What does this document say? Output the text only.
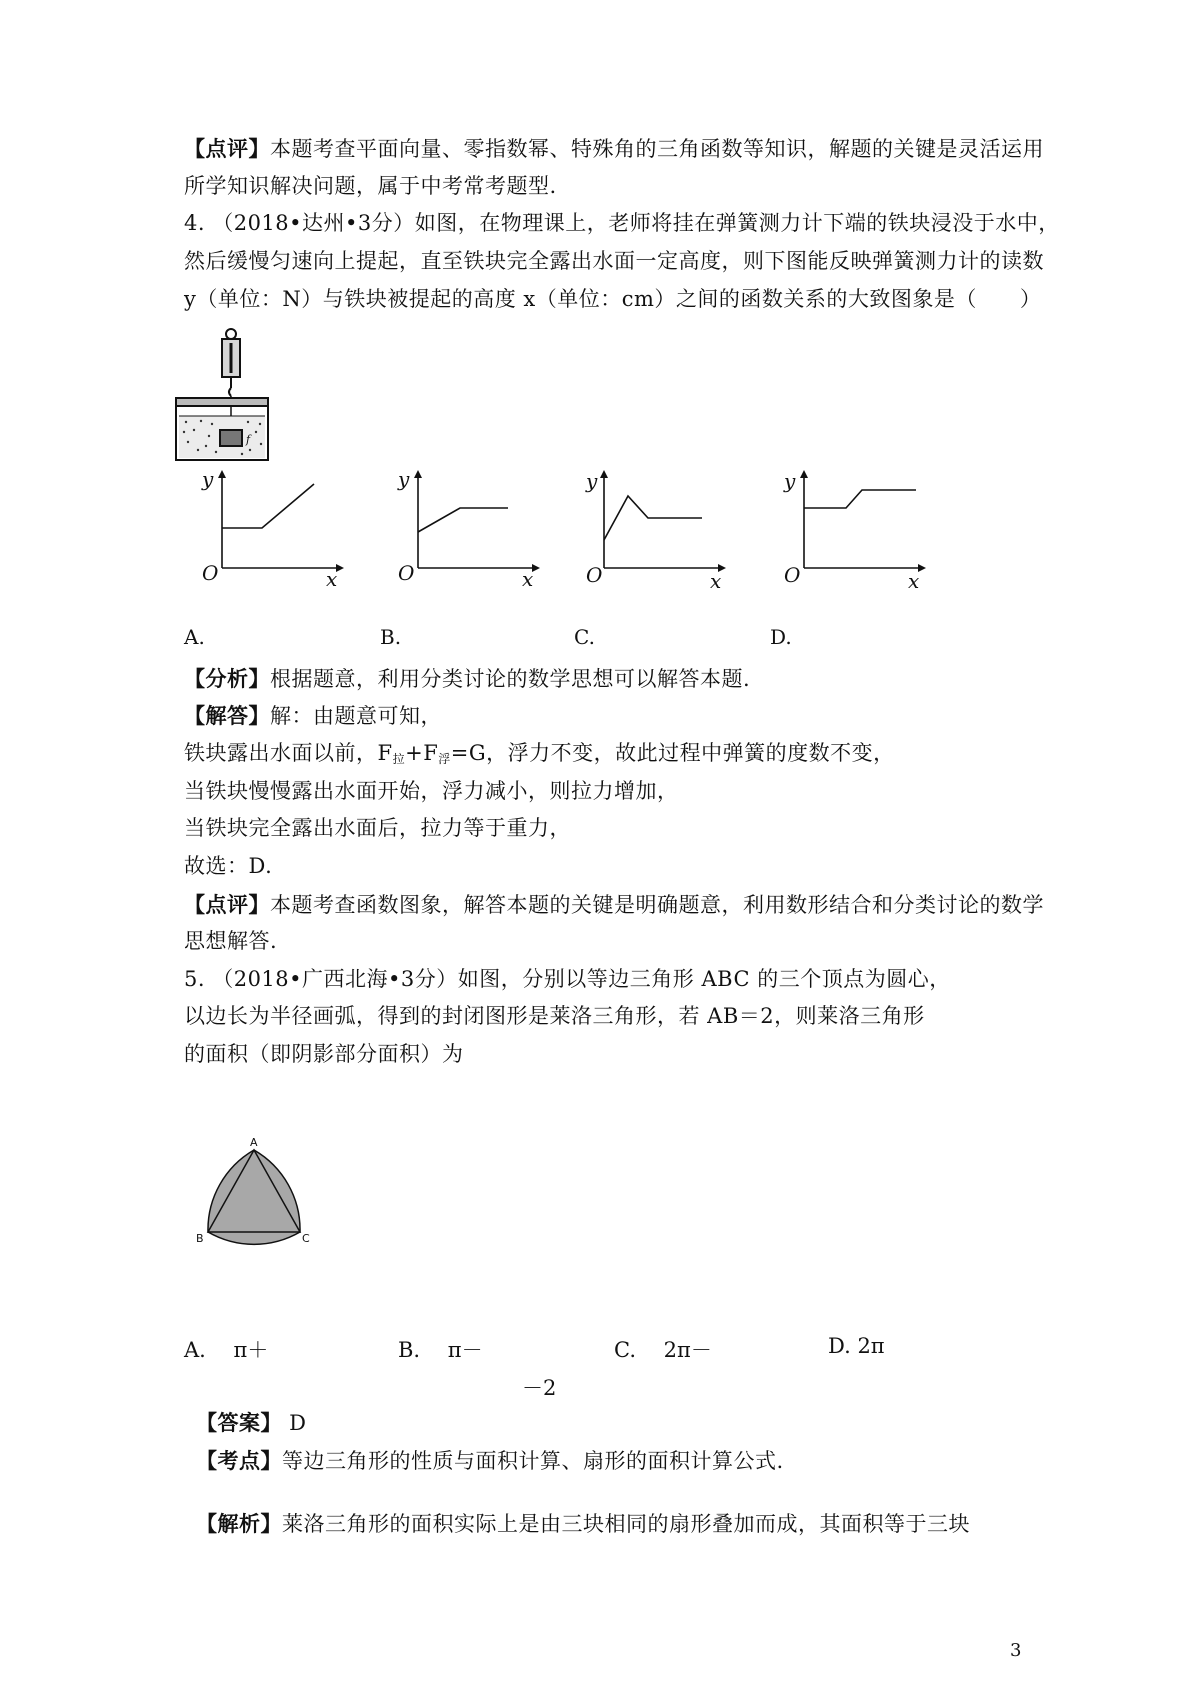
【点评】本题考查平面向量、零指数幂、特殊角的三角函数等知识，解题的关键是灵活运用
所学知识解决问题，属于中考常考题型.
4. （2018•达州•3分）如图，在物理课上，老师将挂在弹簧测力计下端的铁块浸没于水中，
然后缓慢匀速向上提起，直至铁块完全露出水面一定高度，则下图能反映弹簧测力计的读数
y（单位：N）与铁块被提起的高度 x（单位：cm）之间的函数关系的大致图象是（　　）
f
y
O	x
y
O	x
y
O	x
y
O	x
A.	B.	C.	D.
【分析】根据题意，利用分类讨论的数学思想可以解答本题.
【解答】解：由题意可知，
铁块露出水面以前，$F_拉+F_浮=G$，浮力不变，故此过程中弹簧的度数不变，
当铁块慢慢露出水面开始，浮力减小，则拉力增加，
当铁块完全露出水面后，拉力等于重力，
故选：D.
【点评】本题考查函数图象，解答本题的关键是明确题意，利用数形结合和分类讨论的数学
思想解答.
5. （2018•广西北海•3分）如图，分别以等边三角形 ABC 的三个顶点为圆心，
以边长为半径画弧，得到的封闭图形是莱洛三角形，若 AB＝2，则莱洛三角形
的面积（即阴影部分面积）为
A
B	C
A.　 π＋	B.　 π－	C.　 2π－	D. 2π
－2
【答案】 D
【考点】等边三角形的性质与面积计算、扇形的面积计算公式.
【解析】莱洛三角形的面积实际上是由三块相同的扇形叠加而成，其面积等于三块
3
